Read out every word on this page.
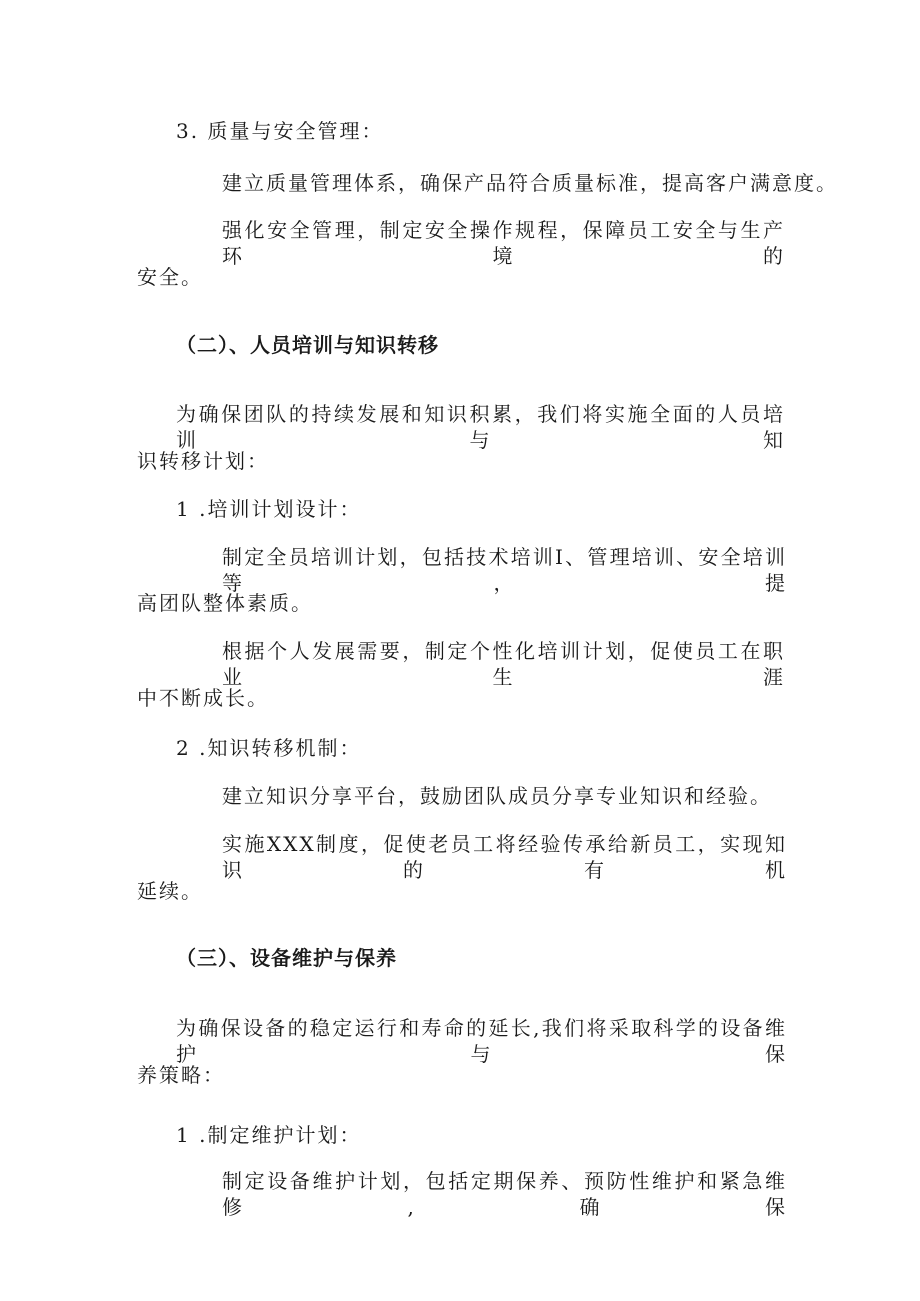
3. 质量与安全管理：
建立质量管理体系，确保产品符合质量标准，提高客户满意度。
强化安全管理，制定安全操作规程，保障员工安全与生产环境的
安全。
（二）、人员培训与知识转移
为确保团队的持续发展和知识积累，我们将实施全面的人员培训与知
识转移计划：
1 .培训计划设计：
制定全员培训计划，包括技术培训I、管理培训、安全培训等，提
高团队整体素质。
根据个人发展需要，制定个性化培训计划，促使员工在职业生涯
中不断成长。
2 .知识转移机制：
建立知识分享平台，鼓励团队成员分享专业知识和经验。
实施XXX制度，促使老员工将经验传承给新员工，实现知识的有机
延续。
（三）、设备维护与保养
为确保设备的稳定运行和寿命的延长,我们将采取科学的设备维护与保
养策略：
1 .制定维护计划：
制定设备维护计划，包括定期保养、预防性维护和紧急维修,确保
